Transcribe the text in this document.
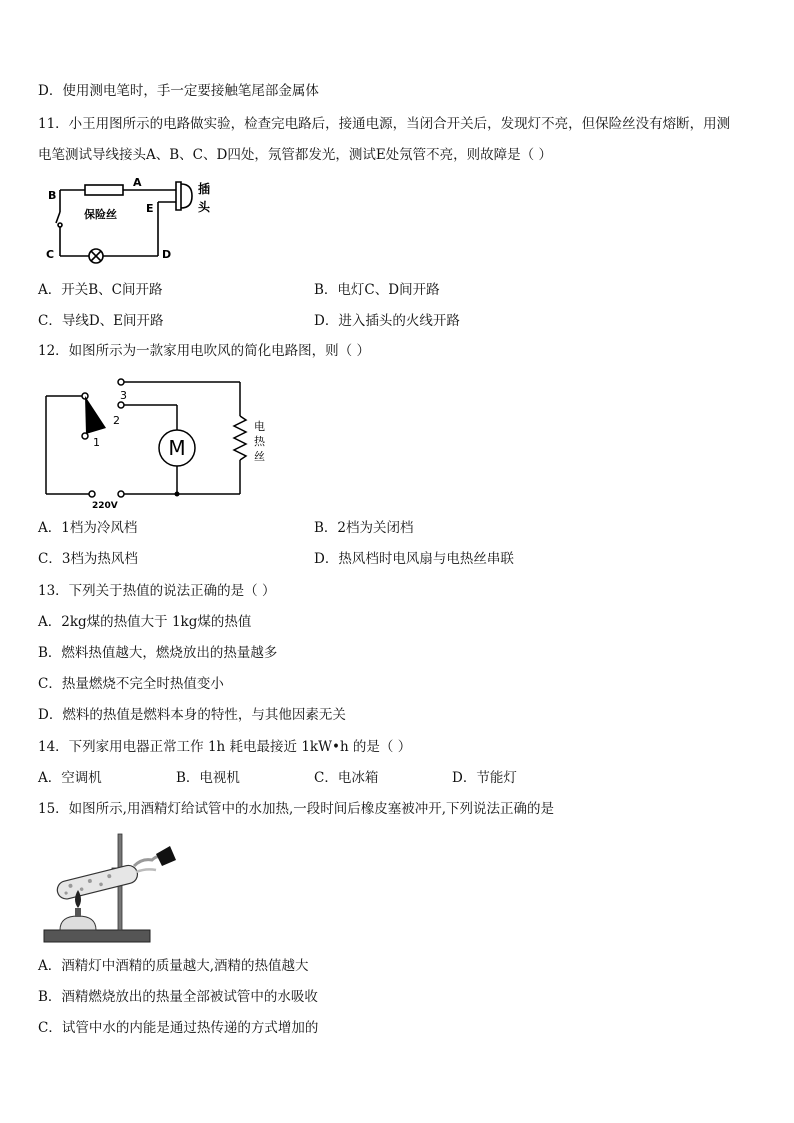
D．使用测电笔时，手一定要接触笔尾部金属体
11．小王用图所示的电路做实验，检查完电路后，接通电源，当闭合开关后，发现灯不亮，但保险丝没有熔断，用测
电笔测试导线接头A、B、C、D四处，氖管都发光，测试E处氖管不亮，则故障是（ ）
A
B
C	D
E
保险丝
插
头
A．开关B、C间开路	B．电灯C、D间开路
C．导线D、E间开路	D．进入插头的火线开路
12．如图所示为一款家用电吹风的简化电路图，则（ ）
3
2
1	M
电
热
丝
220V
A．1档为冷风档	B．2档为关闭档
C．3档为热风档	D．热风档时电风扇与电热丝串联
13．下列关于热值的说法正确的是（ ）
A．2kg煤的热值大于 1kg煤的热值
B．燃料热值越大，燃烧放出的热量越多
C．热量燃烧不完全时热值变小
D．燃料的热值是燃料本身的特性，与其他因素无关
14．下列家用电器正常工作 1h 耗电最接近 1kW•h 的是（ ）
A．空调机	B．电视机	C．电冰箱	D．节能灯
15．如图所示,用酒精灯给试管中的水加热,一段时间后橡皮塞被冲开,下列说法正确的是
A．酒精灯中酒精的质量越大,酒精的热值越大
B．酒精燃烧放出的热量全部被试管中的水吸收
C．试管中水的内能是通过热传递的方式增加的
